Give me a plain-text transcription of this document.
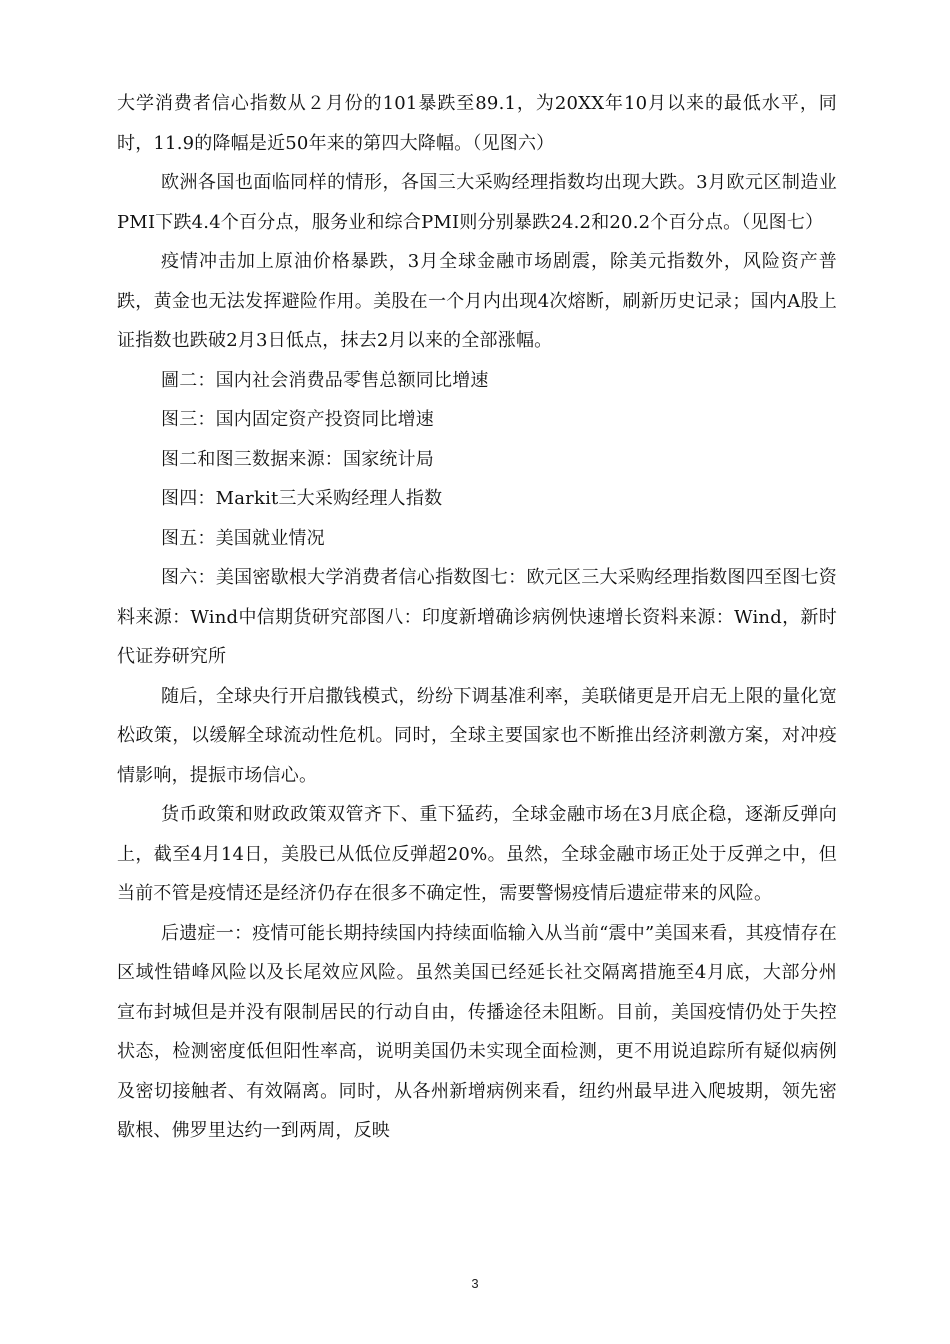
大学消费者信心指数从２月份的101暴跌至89.1，为20XX年10月以来的最低水平，同时，11.9的降幅是近50年来的第四大降幅。（见图六）

欧洲各国也面临同样的情形，各国三大采购经理指数均出现大跌。3月欧元区制造业PMI下跌4.4个百分点，服务业和综合PMI则分别暴跌24.2和20.2个百分点。（见图七）

疫情冲击加上原油价格暴跌，3月全球金融市场剧震，除美元指数外，风险资产普跌，黄金也无法发挥避险作用。美股在一个月内出现4次熔断，刷新历史记录；国内A股上证指数也跌破2月3日低点，抹去2月以来的全部涨幅。

圖二：国内社会消费品零售总额同比增速

图三：国内固定资产投资同比增速

图二和图三数据来源：国家统计局

图四：Markit三大采购经理人指数

图五：美国就业情况

图六：美国密歇根大学消费者信心指数图七：欧元区三大采购经理指数图四至图七资料来源：Wind中信期货研究部图八：印度新增确诊病例快速增长资料来源：Wind，新时代证券研究所

随后，全球央行开启撒钱模式，纷纷下调基准利率，美联储更是开启无上限的量化宽松政策，以缓解全球流动性危机。同时，全球主要国家也不断推出经济刺激方案，对冲疫情影响，提振市场信心。

货币政策和财政政策双管齐下、重下猛药，全球金融市场在3月底企稳，逐渐反弹向上，截至4月14日，美股已从低位反弹超20%。虽然，全球金融市场正处于反弹之中，但当前不管是疫情还是经济仍存在很多不确定性，需要警惕疫情后遗症带来的风险。

后遗症一：疫情可能长期持续国内持续面临输入从当前“震中”美国来看，其疫情存在区域性错峰风险以及长尾效应风险。虽然美国已经延长社交隔离措施至4月底，大部分州宣布封城但是并没有限制居民的行动自由，传播途径未阻断。目前，美国疫情仍处于失控状态，检测密度低但阳性率高，说明美国仍未实现全面检测，更不用说追踪所有疑似病例及密切接触者、有效隔离。同时，从各州新增病例来看，纽约州最早进入爬坡期，领先密歇根、佛罗里达约一到两周，反映

3
